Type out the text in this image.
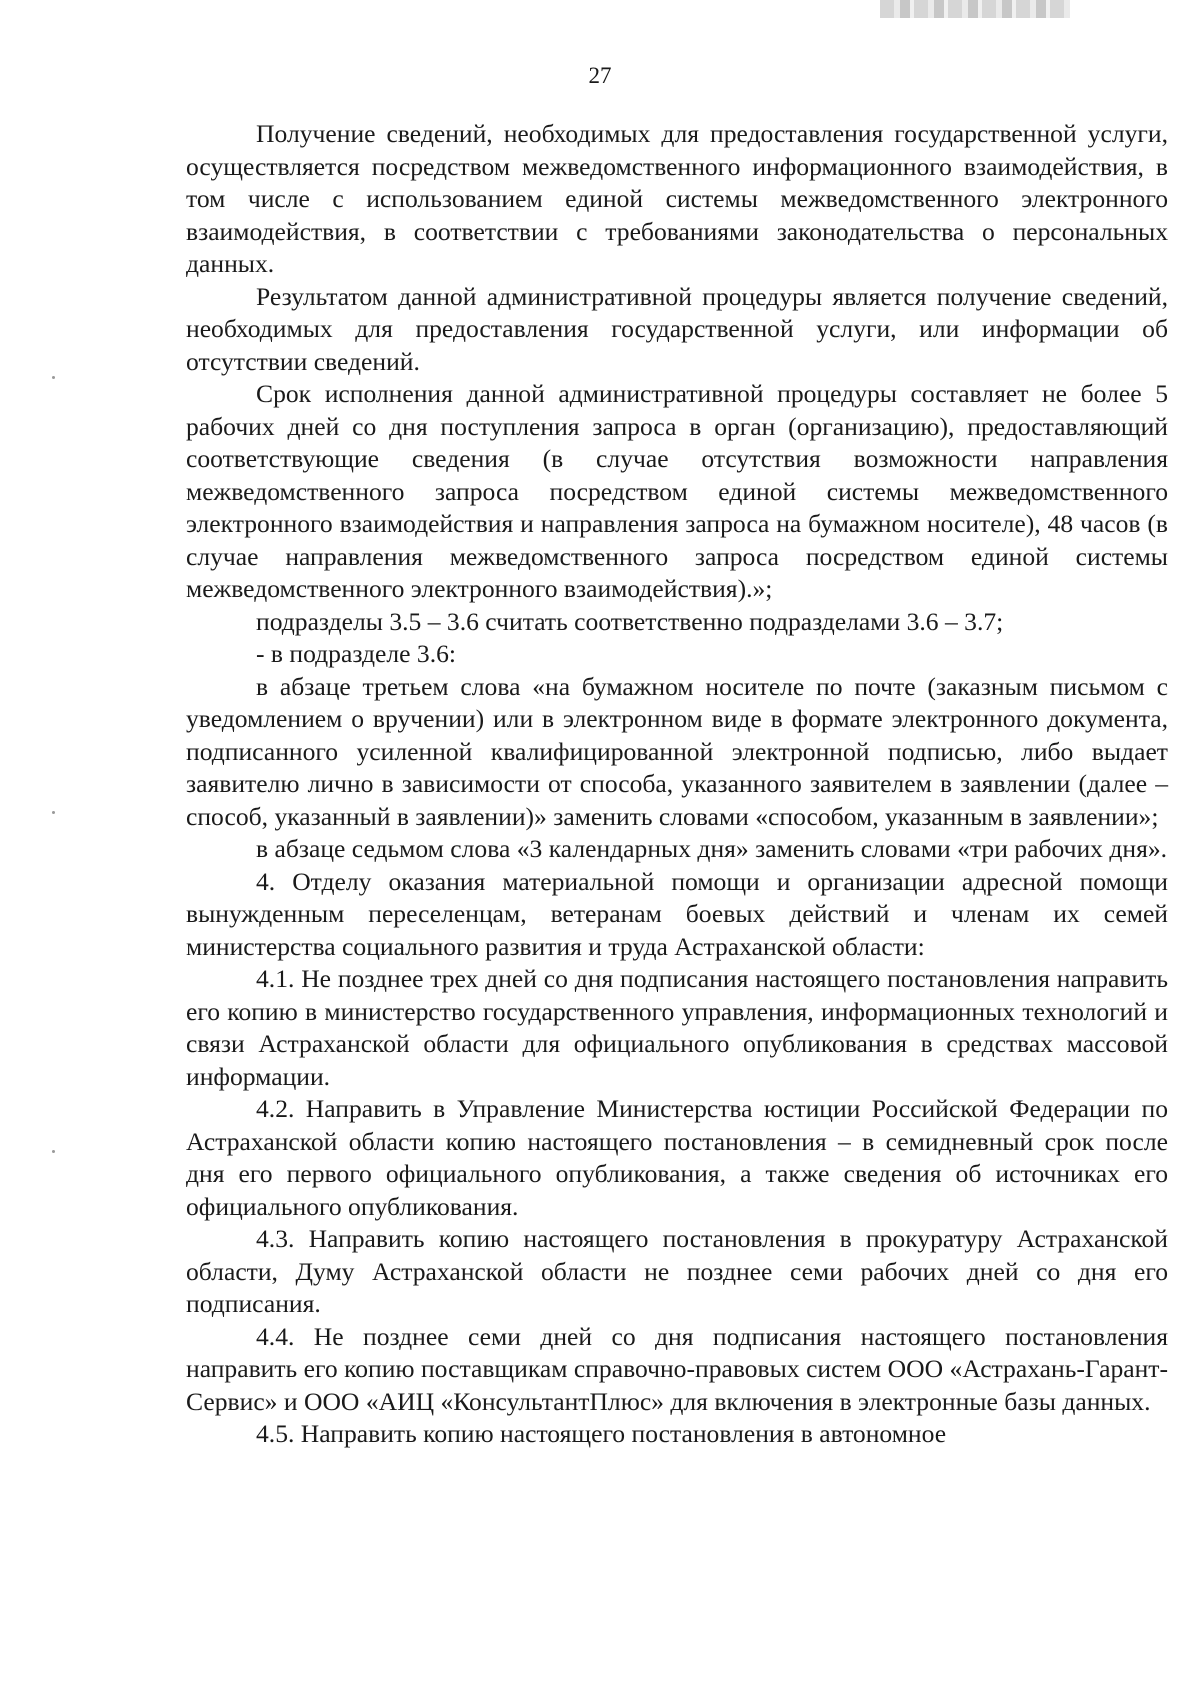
27

Получение сведений, необходимых для предоставления государственной услуги, осуществляется посредством межведомственного информационного взаимодействия, в том числе с использованием единой системы межведомственного электронного взаимодействия, в соответствии с требованиями законодательства о персональных данных.

Результатом данной административной процедуры является получение сведений, необходимых для предоставления государственной услуги, или информации об отсутствии сведений.

Срок исполнения данной административной процедуры составляет не более 5 рабочих дней со дня поступления запроса в орган (организацию), предоставляющий соответствующие сведения (в случае отсутствия возможности направления межведомственного запроса посредством единой системы межведомственного электронного взаимодействия и направления запроса на бумажном носителе), 48 часов (в случае направления межведомственного запроса посредством единой системы межведомственного электронного взаимодействия).»;

подразделы 3.5 – 3.6 считать соответственно подразделами 3.6 – 3.7;

- в подразделе 3.6:

в абзаце третьем слова «на бумажном носителе по почте (заказным письмом с уведомлением о вручении) или в электронном виде в формате электронного документа, подписанного усиленной квалифицированной электронной подписью, либо выдает заявителю лично в зависимости от способа, указанного заявителем в заявлении (далее – способ, указанный в заявлении)» заменить словами «способом, указанным в заявлении»;

в абзаце седьмом слова «3 календарных дня» заменить словами «три рабочих дня».

4. Отделу оказания материальной помощи и организации адресной помощи вынужденным переселенцам, ветеранам боевых действий и членам их семей министерства социального развития и труда Астраханской области:

4.1. Не позднее трех дней со дня подписания настоящего постановления направить его копию в министерство государственного управления, информационных технологий и связи Астраханской области для официального опубликования в средствах массовой информации.

4.2. Направить в Управление Министерства юстиции Российской Федерации по Астраханской области копию настоящего постановления – в семидневный срок после дня его первого официального опубликования, а также сведения об источниках его официального опубликования.

4.3. Направить копию настоящего постановления в прокуратуру Астраханской области, Думу Астраханской области не позднее семи рабочих дней со дня его подписания.

4.4. Не позднее семи дней со дня подписания настоящего постановления направить его копию поставщикам справочно-правовых систем ООО «Астрахань-Гарант-Сервис» и ООО «АИЦ «КонсультантПлюс» для включения в электронные базы данных.

4.5. Направить копию настоящего постановления в автономное
